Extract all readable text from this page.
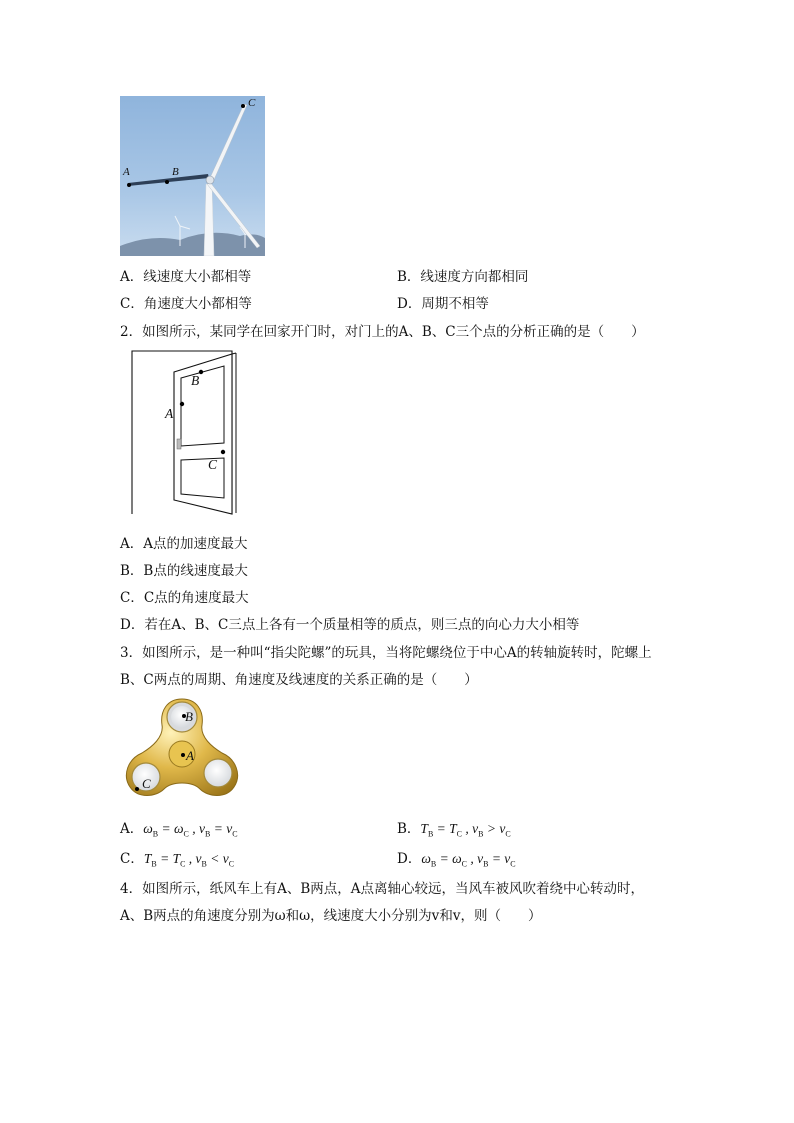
A	B
C
A．线速度大小都相等	B．线速度方向都相同
C．角速度大小都相等	D．周期不相等
2．如图所示，某同学在回家开门时，对门上的A、B、C三个点的分析正确的是（　　）
B
A
C
A．A点的加速度最大
B．B点的线速度最大
C．C点的角速度最大
D．若在A、B、C三点上各有一个质量相等的质点，则三点的向心力大小相等
3．如图所示，是一种叫“指尖陀螺”的玩具，当将陀螺绕位于中心A的转轴旋转时，陀螺上
B、C两点的周期、角速度及线速度的关系正确的是（　　）
B
A
C
A．$\omega_B = \omega_C$ , $v_B = v_C$	B．$T_B = T_C$ , $v_B > v_C$
C．$T_B = T_C$ , $v_B < v_C$	D．$\omega_B = \omega_C$ , $v_B = v_C$
4．如图所示，纸风车上有A、B两点，A点离轴心较远，当风车被风吹着绕中心转动时，
A、B两点的角速度分别为ω和ω，线速度大小分别为v和v，则（　　）
